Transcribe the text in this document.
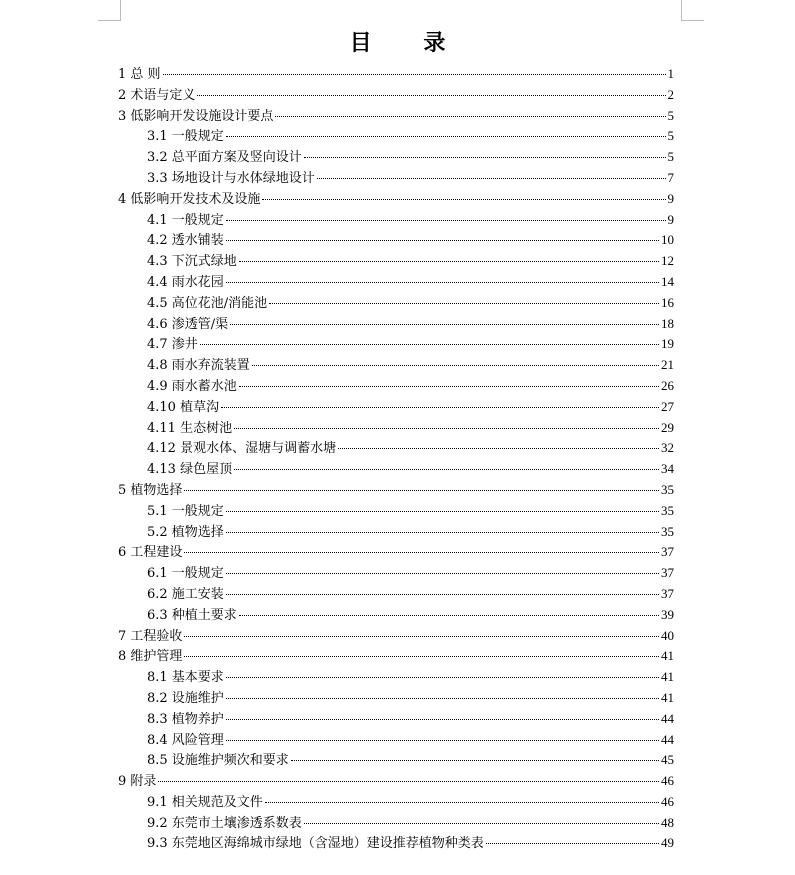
目 录
1 总 则	1
2 术语与定义	2
3 低影响开发设施设计要点	5
3.1 一般规定	5
3.2 总平面方案及竖向设计	5
3.3 场地设计与水体绿地设计	7
4 低影响开发技术及设施	9
4.1 一般规定	9
4.2 透水铺装	10
4.3 下沉式绿地	12
4.4 雨水花园	14
4.5 高位花池/消能池	16
4.6 渗透管/渠	18
4.7 渗井	19
4.8 雨水弃流装置	21
4.9 雨水蓄水池	26
4.10 植草沟	27
4.11 生态树池	29
4.12 景观水体、湿塘与调蓄水塘	32
4.13 绿色屋顶	34
5 植物选择	35
5.1 一般规定	35
5.2 植物选择	35
6 工程建设	37
6.1 一般规定	37
6.2 施工安装	37
6.3 种植土要求	39
7 工程验收	40
8 维护管理	41
8.1 基本要求	41
8.2 设施维护	41
8.3 植物养护	44
8.4 风险管理	44
8.5 设施维护频次和要求	45
9 附录	46
9.1 相关规范及文件	46
9.2 东莞市土壤渗透系数表	48
9.3 东莞地区海绵城市绿地（含湿地）建设推荐植物种类表	49
